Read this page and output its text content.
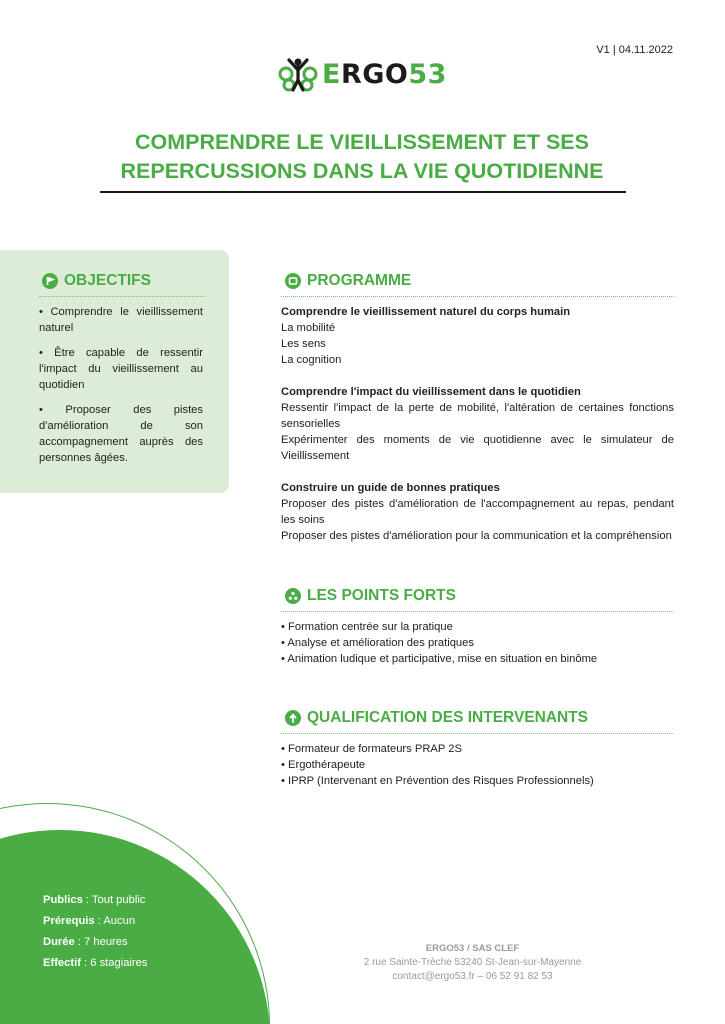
V1 | 04.11.2022
ERGO53
COMPRENDRE LE VIEILLISSEMENT ET SES
REPERCUSSIONS DANS LA VIE QUOTIDIENNE
OBJECTIFS

• Comprendre le vieillissement naturel

• Être capable de ressentir l'impact du vieillissement au quotidien

• Proposer des pistes d'amélioration de son accompagnement auprès des personnes âgées.

PROGRAMME
Comprendre le vieillissement naturel du corps humain
La mobilité
Les sens
La cognition
Comprendre l'impact du vieillissement dans le quotidien
Ressentir l'impact de la perte de mobilité, l'altération de certaines fonctions sensorielles
Expérimenter des moments de vie quotidienne avec le simulateur de Vieillissement
Construire un guide de bonnes pratiques
Proposer des pistes d'amélioration de l'accompagnement au repas, pendant les soins
Proposer des pistes d'amélioration pour la communication et la compréhension
LES POINTS FORTS
• Formation centrée sur la pratique
• Analyse et amélioration des pratiques
• Animation ludique et participative, mise en situation en binôme
QUALIFICATION DES INTERVENANTS
• Formateur de formateurs PRAP 2S
• Ergothérapeute
• IPRP (Intervenant en Prévention des Risques Professionnels)
Publics : Tout public
Prérequis : Aucun
Durée : 7 heures
Effectif : 6 stagiaires
ERGO53 / SAS CLEF
2 rue Sainte-Trèche 53240 St-Jean-sur-Mayenne
contact@ergo53.fr – 06 52 91 82 53
